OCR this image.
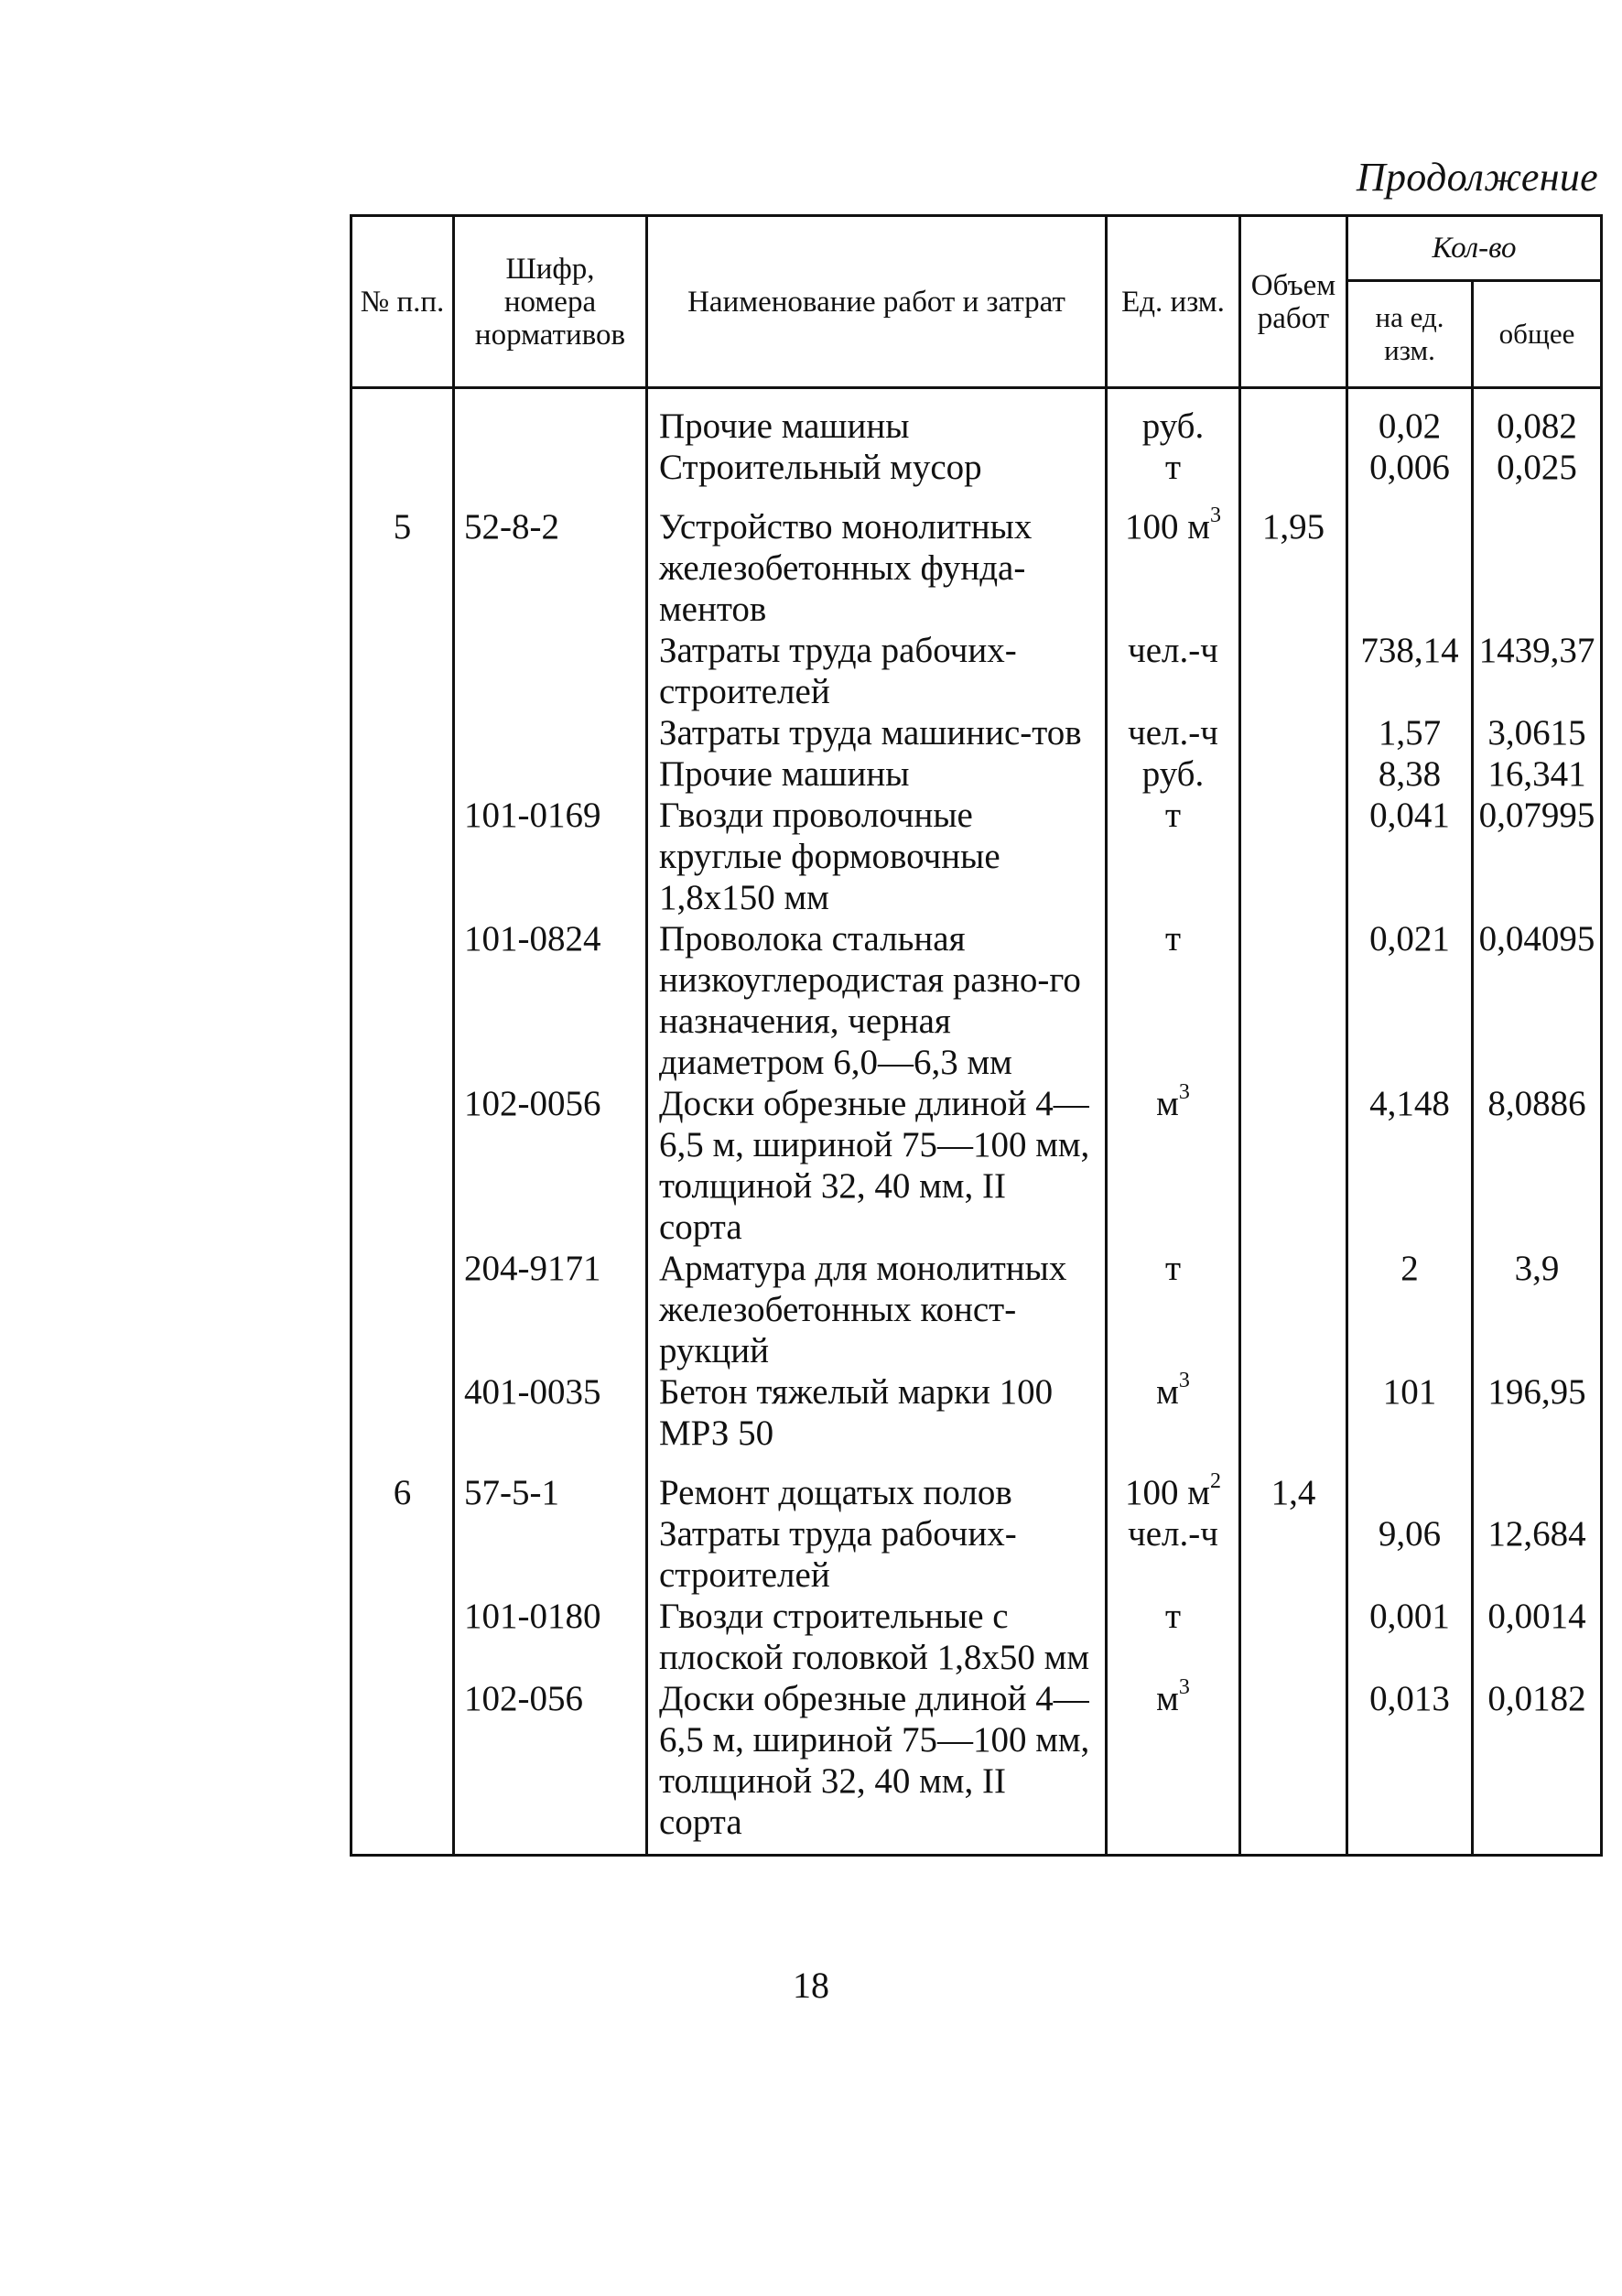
Продолжение
№ п.п.	Шифр, номера нормативов	Наименование работ и затрат	Ед. изм.	Объем работ	Кол-во	
					на ед. изм.	общее
		Прочие машины	руб.		0,02	0,082
		Строительный мусор	т		0,006	0,025
5	52-8-2	Устройство монолитных железобетонных фунда-ментов	100 $м^3$	1,95		
		Затраты труда рабочих-строителей	чел.-ч		738,14	1439,37
		Затраты труда машинис-тов	чел.-ч		1,57	3,0615
		Прочие машины	руб.		8,38	16,341
	101-0169	Гвозди проволочные круглые формовочные 1,8х150 мм	т		0,041	0,07995
	101-0824	Проволока стальная низкоуглеродистая разно-го назначения, черная диаметром 6,0—6,3 мм	т		0,021	0,04095
	102-0056	Доски обрезные длиной 4—6,5 м, шириной 75—100 мм, толщиной 32, 40 мм, II сорта	$м^3$		4,148	8,0886
	204-9171	Арматура для монолитных железобетонных конст-рукций	т		2	3,9
	401-0035	Бетон тяжелый марки 100 МРЗ 50	$м^3$		101	196,95
6	57-5-1	Ремонт дощатых полов	100 $м^2$	1,4		
		Затраты труда рабочих-строителей	чел.-ч		9,06	12,684
	101-0180	Гвозди строительные с плоской головкой 1,8х50 мм	т		0,001	0,0014
	102-056	Доски обрезные длиной 4—6,5 м, шириной 75—100 мм, толщиной 32, 40 мм, II сорта	$м^3$		0,013	0,0182
18
